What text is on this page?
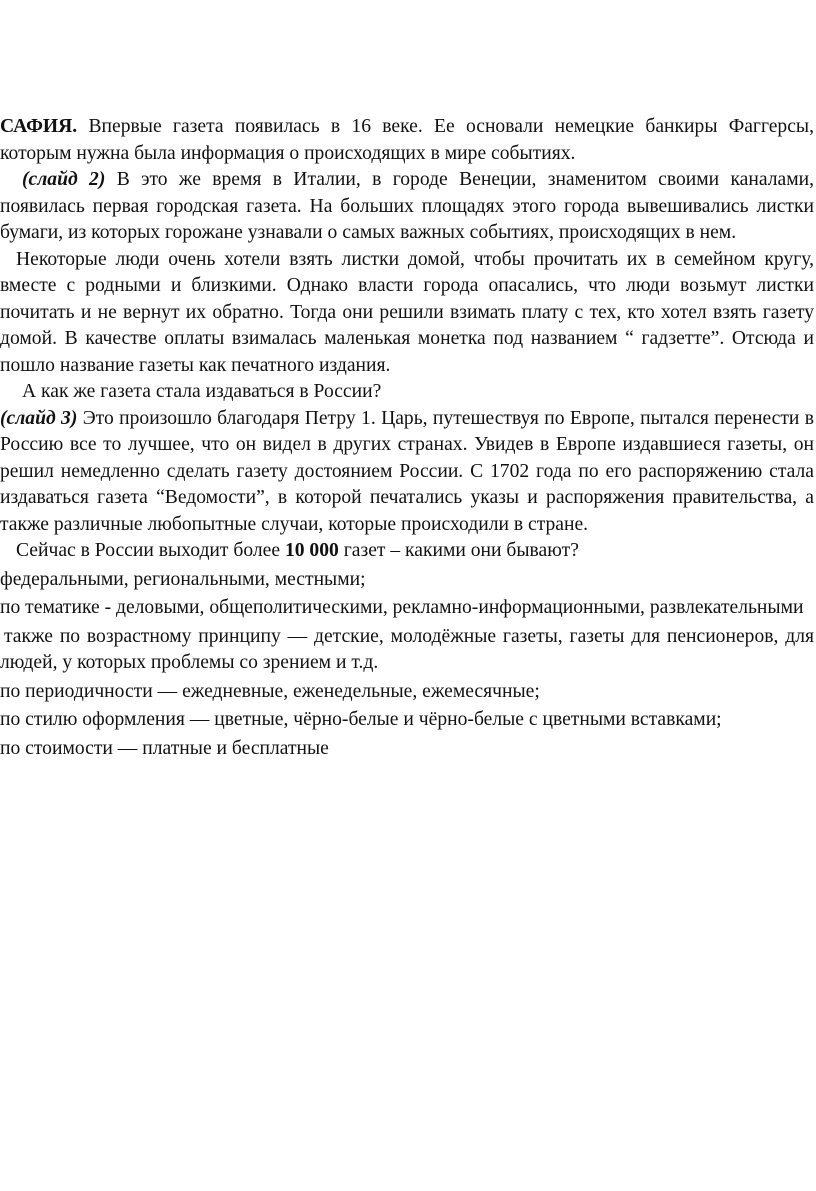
САФИЯ. Впервые газета появилась в 16 веке. Ее основали немецкие банкиры Фаггерсы, которым нужна была информация о происходящих в мире событиях.

(слайд 2) В это же время в Италии, в городе Венеции, знаменитом своими каналами, появилась первая городская газета. На больших площадях этого города вывешивались листки бумаги, из которых горожане узнавали о самых важных событиях, происходящих в нем.

Некоторые люди очень хотели взять листки домой, чтобы прочитать их в семейном кругу, вместе с родными и близкими. Однако власти города опасались, что люди возьмут листки почитать и не вернут их обратно. Тогда они решили взимать плату с тех, кто хотел взять газету домой. В качестве оплаты взималась маленькая монетка под названием “ гадзетте”. Отсюда и пошло название газеты как печатного издания.

А как же газета стала издаваться в России?

(слайд 3) Это произошло благодаря Петру 1. Царь, путешествуя по Европе, пытался перенести в Россию все то лучшее, что он видел в других странах. Увидев в Европе издавшиеся газеты, он решил немедленно сделать газету достоянием России. С 1702 года по его распоряжению стала издаваться газета “Ведомости”, в которой печатались указы и распоряжения правительства, а также различные любопытные случаи, которые происходили в стране.

Сейчас в России выходит более 10 000 газет – какими они бывают?

федеральными, региональными, местными;

по тематике - деловыми, общеполитическими, рекламно-информационными, развлекательными

также по возрастному принципу — детские, молодёжные газеты, газеты для пенсионеров, для людей, у которых проблемы со зрением и т.д.

по периодичности — ежедневные, еженедельные, ежемесячные;

по стилю оформления — цветные, чёрно-белые и чёрно-белые с цветными вставками;

по стоимости — платные и бесплатные
